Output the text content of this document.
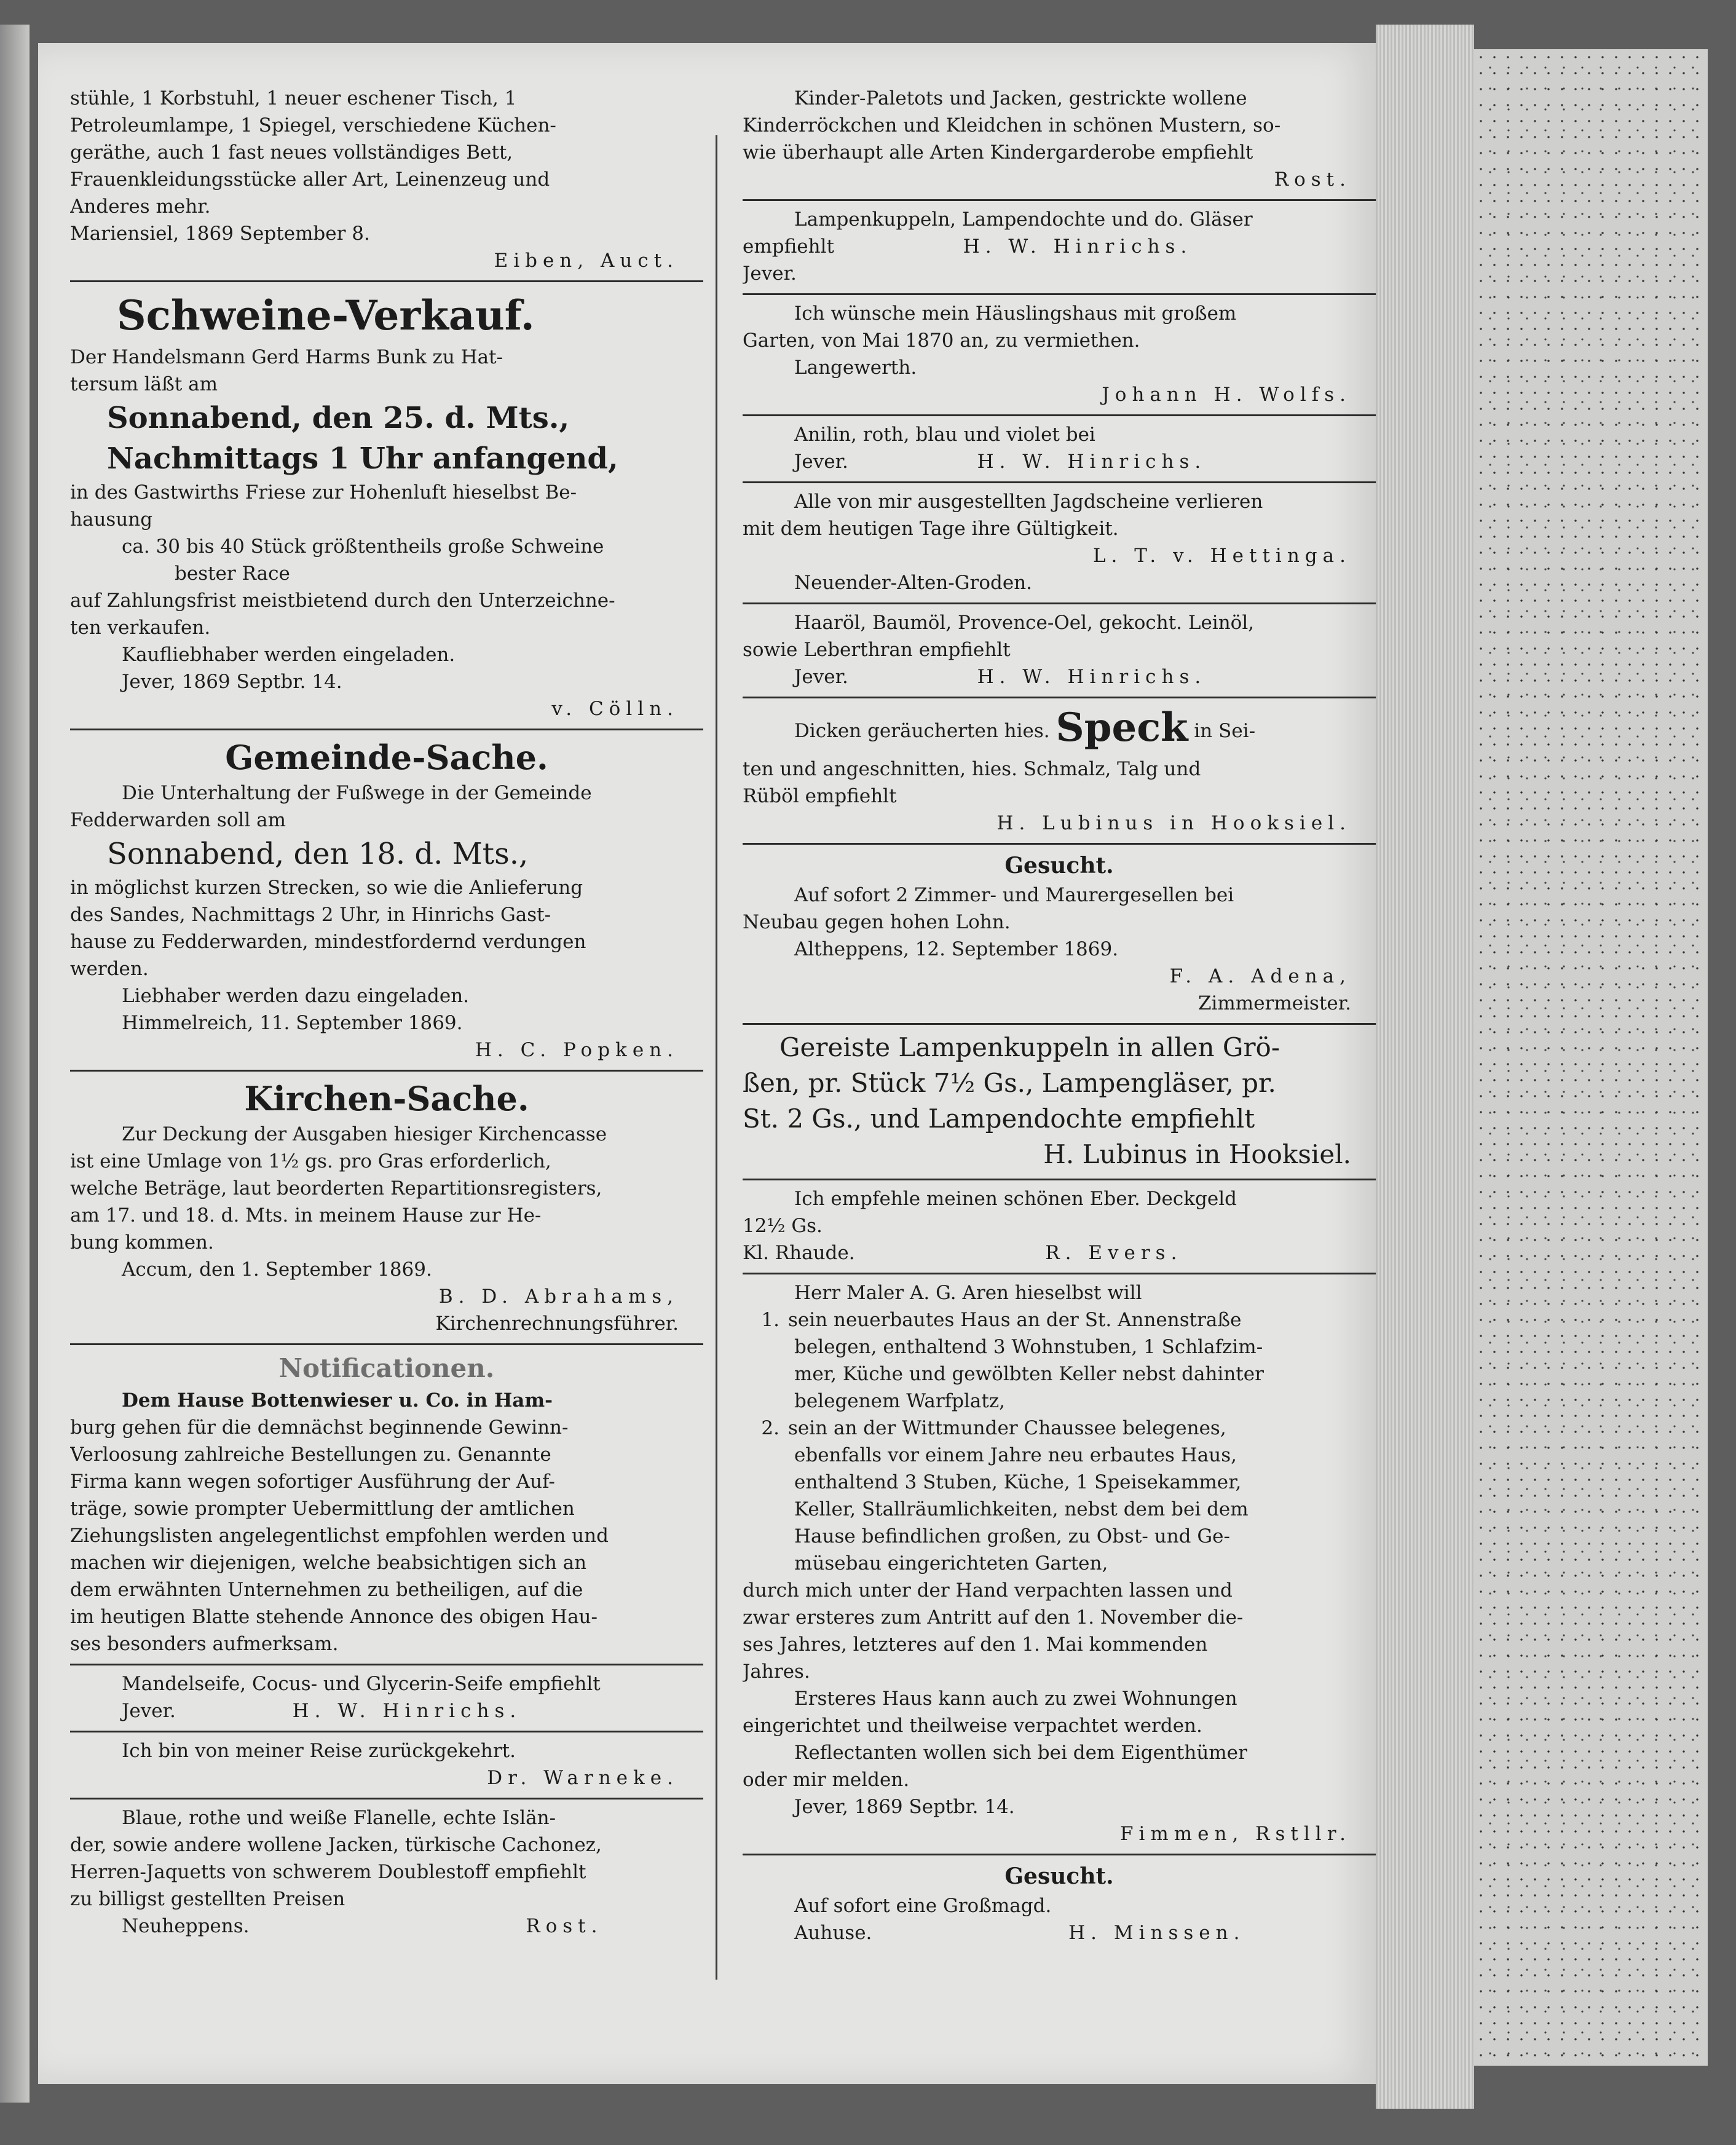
stühle, 1 Korbstuhl, 1 neuer eschener Tisch, 1
Petroleumlampe, 1 Spiegel, verschiedene Küchen-
geräthe, auch 1 fast neues vollständiges Bett,
Frauenkleidungsstücke aller Art, Leinenzeug und
Anderes mehr.
Mariensiel, 1869 September 8.
Eiben, Auct.
Schweine-Verkauf.
Der Handelsmann Gerd Harms Bunk zu Hat-
tersum läßt am
Sonnabend, den 25. d. Mts.,
Nachmittags 1 Uhr anfangend,
in des Gastwirths Friese zur Hohenluft hieselbst Be-
hausung
ca. 30 bis 40 Stück größtentheils große Schweine
bester Race
auf Zahlungsfrist meistbietend durch den Unterzeichne-
ten verkaufen.
Kaufliebhaber werden eingeladen.
Jever, 1869 Septbr. 14.
v. Cölln.
Gemeinde-Sache.
Die Unterhaltung der Fußwege in der Gemeinde
Fedderwarden soll am
Sonnabend, den 18. d. Mts.,
in möglichst kurzen Strecken, so wie die Anlieferung
des Sandes, Nachmittags 2 Uhr, in Hinrichs Gast-
hause zu Fedderwarden, mindestfordernd verdungen
werden.
Liebhaber werden dazu eingeladen.
Himmelreich, 11. September 1869.
H. C. Popken.
Kirchen-Sache.
Zur Deckung der Ausgaben hiesiger Kirchencasse
ist eine Umlage von 1½ gs. pro Gras erforderlich,
welche Beträge, laut beorderten Repartitionsregisters,
am 17. und 18. d. Mts. in meinem Hause zur He-
bung kommen.
Accum, den 1. September 1869.
B. D. Abrahams,
Kirchenrechnungsführer.
Notificationen.
Dem Hause Bottenwieser u. Co. in Ham-
burg gehen für die demnächst beginnende Gewinn-
Verloosung zahlreiche Bestellungen zu. Genannte
Firma kann wegen sofortiger Ausführung der Auf-
träge, sowie prompter Uebermittlung der amtlichen
Ziehungslisten angelegentlichst empfohlen werden und
machen wir diejenigen, welche beabsichtigen sich an
dem erwähnten Unternehmen zu betheiligen, auf die
im heutigen Blatte stehende Annonce des obigen Hau-
ses besonders aufmerksam.
Mandelseife, Cocus- und Glycerin-Seife empfiehlt
Jever.	H. W. Hinrichs.
Ich bin von meiner Reise zurückgekehrt.
Dr. Warneke.
Blaue, rothe und weiße Flanelle, echte Islän-
der, sowie andere wollene Jacken, türkische Cachonez,
Herren-Jaquetts von schwerem Doublestoff empfiehlt
zu billigst gestellten Preisen
Neuheppens.	Rost.
Kinder-Paletots und Jacken, gestrickte wollene
Kinderröckchen und Kleidchen in schönen Mustern, so-
wie überhaupt alle Arten Kindergarderobe empfiehlt
Rost.
Lampenkuppeln, Lampendochte und do. Gläser
empfiehlt	H. W. Hinrichs.
Jever.
Ich wünsche mein Häuslingshaus mit großem
Garten, von Mai 1870 an, zu vermiethen.
Langewerth.
Johann H. Wolfs.
Anilin, roth, blau und violet bei
Jever.	H. W. Hinrichs.
Alle von mir ausgestellten Jagdscheine verlieren
mit dem heutigen Tage ihre Gültigkeit.
L. T. v. Hettinga.
Neuender-Alten-Groden.
Haaröl, Baumöl, Provence-Oel, gekocht. Leinöl,
sowie Leberthran empfiehlt
Jever.	H. W. Hinrichs.
Dicken geräucherten hies. Speck in Sei-
ten und angeschnitten, hies. Schmalz, Talg und
Rüböl empfiehlt
H. Lubinus in Hooksiel.
Gesucht.
Auf sofort 2 Zimmer- und Maurergesellen bei
Neubau gegen hohen Lohn.
Altheppens, 12. September 1869.
F. A. Adena,
Zimmermeister.
Gereiste Lampenkuppeln in allen Grö-
ßen, pr. Stück 7½ Gs., Lampengläser, pr.
St. 2 Gs., und Lampendochte empfiehlt
H. Lubinus in Hooksiel.
Ich empfehle meinen schönen Eber. Deckgeld
12½ Gs.
Kl. Rhaude.	R. Evers.
Herr Maler A. G. Aren hieselbst will
1. sein neuerbautes Haus an der St. Annenstraße
belegen, enthaltend 3 Wohnstuben, 1 Schlafzim-
mer, Küche und gewölbten Keller nebst dahinter
belegenem Warfplatz,
2. sein an der Wittmunder Chaussee belegenes,
ebenfalls vor einem Jahre neu erbautes Haus,
enthaltend 3 Stuben, Küche, 1 Speisekammer,
Keller, Stallräumlichkeiten, nebst dem bei dem
Hause befindlichen großen, zu Obst- und Ge-
müsebau eingerichteten Garten,
durch mich unter der Hand verpachten lassen und
zwar ersteres zum Antritt auf den 1. November die-
ses Jahres, letzteres auf den 1. Mai kommenden
Jahres.
Ersteres Haus kann auch zu zwei Wohnungen
eingerichtet und theilweise verpachtet werden.
Reflectanten wollen sich bei dem Eigenthümer
oder mir melden.
Jever, 1869 Septbr. 14.
Fimmen, Rstllr.
Gesucht.
Auf sofort eine Großmagd.
Auhuse.	H. Minssen.
